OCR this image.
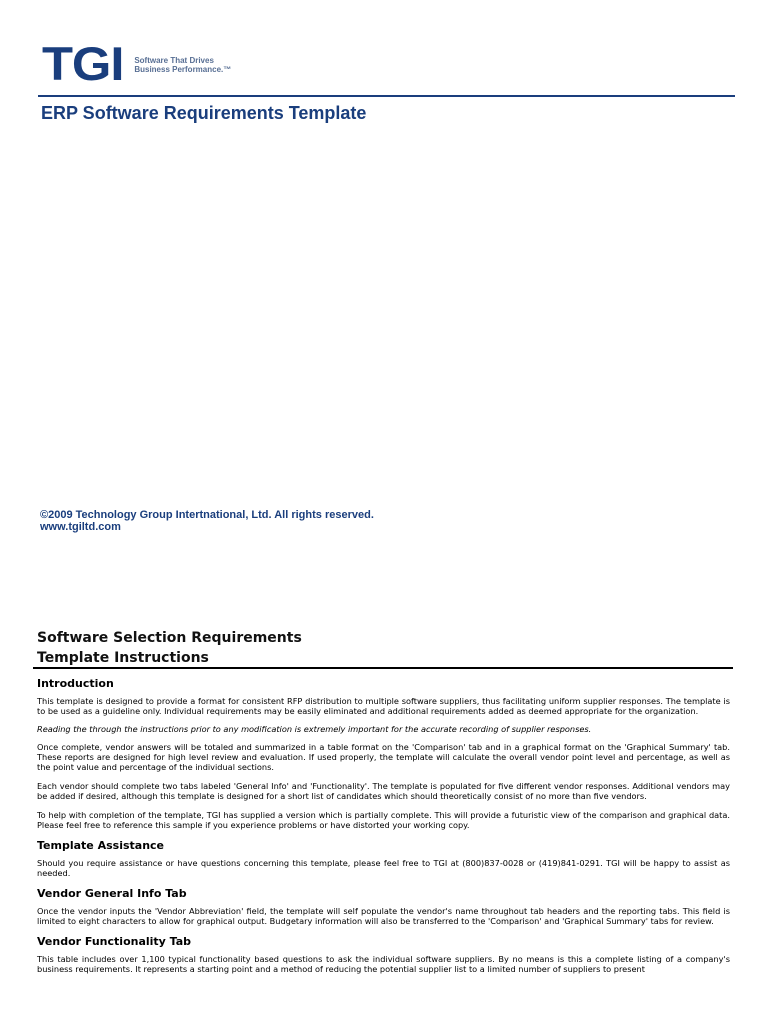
TGI Software That Drives
Business Performance.™
ERP Software Requirements Template
©2009 Technology Group Intertnational, Ltd. All rights reserved.
www.tgiltd.com
Software Selection Requirements
Template Instructions
Introduction

This template is designed to provide a format for consistent RFP distribution to multiple software suppliers, thus facilitating uniform supplier responses. The template is to be used as a guideline only. Individual requirements may be easily eliminated and additional requirements added as deemed appropriate for the organization.

Reading the through the instructions prior to any modification is extremely important for the accurate recording of supplier responses.

Once complete, vendor answers will be totaled and summarized in a table format on the 'Comparison' tab and in a graphical format on the 'Graphical Summary' tab. These reports are designed for high level review and evaluation. If used properly, the template will calculate the overall vendor point level and percentage, as well as the point value and percentage of the individual sections.

Each vendor should complete two tabs labeled 'General Info' and 'Functionality'. The template is populated for five different vendor responses. Additional vendors may be added if desired, although this template is designed for a short list of candidates which should theoretically consist of no more than five vendors.

To help with completion of the template, TGI has supplied a version which is partially complete. This will provide a futuristic view of the comparison and graphical data. Please feel free to reference this sample if you experience problems or have distorted your working copy.

Template Assistance

Should you require assistance or have questions concerning this template, please feel free to TGI at (800)837-0028 or (419)841-0291. TGI will be happy to assist as needed.

Vendor General Info Tab

Once the vendor inputs the 'Vendor Abbreviation' field, the template will self populate the vendor's name throughout tab headers and the reporting tabs. This field is limited to eight characters to allow for graphical output. Budgetary information will also be transferred to the 'Comparison' and 'Graphical Summary' tabs for review.

Vendor Functionality Tab

This table includes over 1,100 typical functionality based questions to ask the individual software suppliers. By no means is this a complete listing of a company's business requirements. It represents a starting point and a method of reducing the potential supplier list to a limited number of suppliers to present
